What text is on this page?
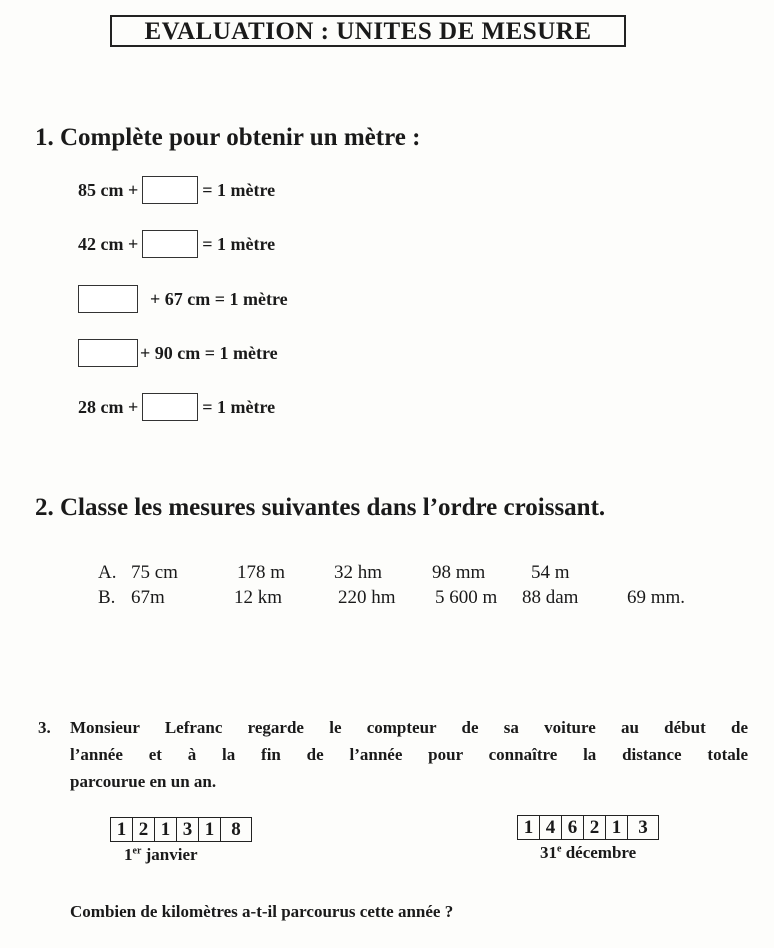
EVALUATION : UNITES DE MESURE
1. Complète pour obtenir un mètre :
85 cm +	= 1 mètre
42 cm +	= 1 mètre
+ 67 cm = 1 mètre
+ 90 cm = 1 mètre
28 cm +	= 1 mètre
2. Classe les mesures suivantes dans l’ordre croissant.
A. 75 cm	178 m	32 hm	98 mm 54 m
B. 67m	12 km	220 hm 5 600 m 88 dam	69 mm.
3. Monsieur Lefranc regarde le compteur de sa voiture au début de
l’année et à la fin de l’année pour connaître la distance totale
parcourue en un an.
1 2 1 3 1 8
1er janvier
1 4 6 2 1 3
31e décembre
Combien de kilomètres a-t-il parcourus cette année ?
